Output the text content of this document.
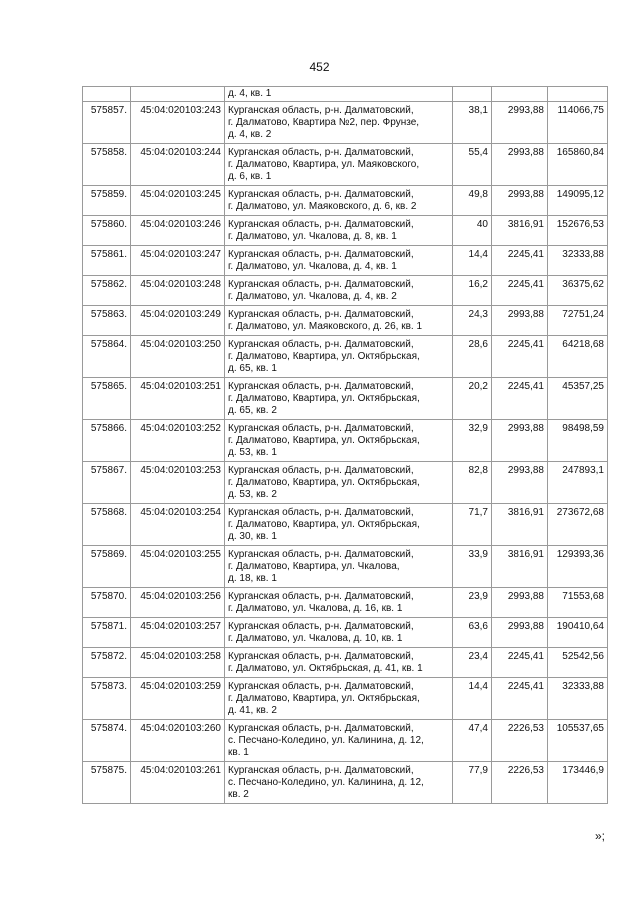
452
		д. 4, кв. 1			
575857.	45:04:020103:243	Курганская область, р-н. Далматовский,
г. Далматово, Квартира №2, пер. Фрунзе,
д. 4, кв. 2	38,1	2993,88	114066,75
575858.	45:04:020103:244	Курганская область, р-н. Далматовский,
г. Далматово, Квартира, ул. Маяковского,
д. 6, кв. 1	55,4	2993,88	165860,84
575859.	45:04:020103:245	Курганская область, р-н. Далматовский,
г. Далматово, ул. Маяковского, д. 6, кв. 2	49,8	2993,88	149095,12
575860.	45:04:020103:246	Курганская область, р-н. Далматовский,
г. Далматово, ул. Чкалова, д. 8, кв. 1	40	3816,91	152676,53
575861.	45:04:020103:247	Курганская область, р-н. Далматовский,
г. Далматово, ул. Чкалова, д. 4, кв. 1	14,4	2245,41	32333,88
575862.	45:04:020103:248	Курганская область, р-н. Далматовский,
г. Далматово, ул. Чкалова, д. 4, кв. 2	16,2	2245,41	36375,62
575863.	45:04:020103:249	Курганская область, р-н. Далматовский,
г. Далматово, ул. Маяковского, д. 26, кв. 1	24,3	2993,88	72751,24
575864.	45:04:020103:250	Курганская область, р-н. Далматовский,
г. Далматово, Квартира, ул. Октябрьская,
д. 65, кв. 1	28,6	2245,41	64218,68
575865.	45:04:020103:251	Курганская область, р-н. Далматовский,
г. Далматово, Квартира, ул. Октябрьская,
д. 65, кв. 2	20,2	2245,41	45357,25
575866.	45:04:020103:252	Курганская область, р-н. Далматовский,
г. Далматово, Квартира, ул. Октябрьская,
д. 53, кв. 1	32,9	2993,88	98498,59
575867.	45:04:020103:253	Курганская область, р-н. Далматовский,
г. Далматово, Квартира, ул. Октябрьская,
д. 53, кв. 2	82,8	2993,88	247893,1
575868.	45:04:020103:254	Курганская область, р-н. Далматовский,
г. Далматово, Квартира, ул. Октябрьская,
д. 30, кв. 1	71,7	3816,91	273672,68
575869.	45:04:020103:255	Курганская область, р-н. Далматовский,
г. Далматово, Квартира, ул. Чкалова,
д. 18, кв. 1	33,9	3816,91	129393,36
575870.	45:04:020103:256	Курганская область, р-н. Далматовский,
г. Далматово, ул. Чкалова, д. 16, кв. 1	23,9	2993,88	71553,68
575871.	45:04:020103:257	Курганская область, р-н. Далматовский,
г. Далматово, ул. Чкалова, д. 10, кв. 1	63,6	2993,88	190410,64
575872.	45:04:020103:258	Курганская область, р-н. Далматовский,
г. Далматово, ул. Октябрьская, д. 41, кв. 1	23,4	2245,41	52542,56
575873.	45:04:020103:259	Курганская область, р-н. Далматовский,
г. Далматово, Квартира, ул. Октябрьская,
д. 41, кв. 2	14,4	2245,41	32333,88
575874.	45:04:020103:260	Курганская область, р-н. Далматовский,
с. Песчано-Коледино, ул. Калинина, д. 12,
кв. 1	47,4	2226,53	105537,65
575875.	45:04:020103:261	Курганская область, р-н. Далматовский,
с. Песчано-Коледино, ул. Калинина, д. 12,
кв. 2	77,9	2226,53	173446,9
»;
